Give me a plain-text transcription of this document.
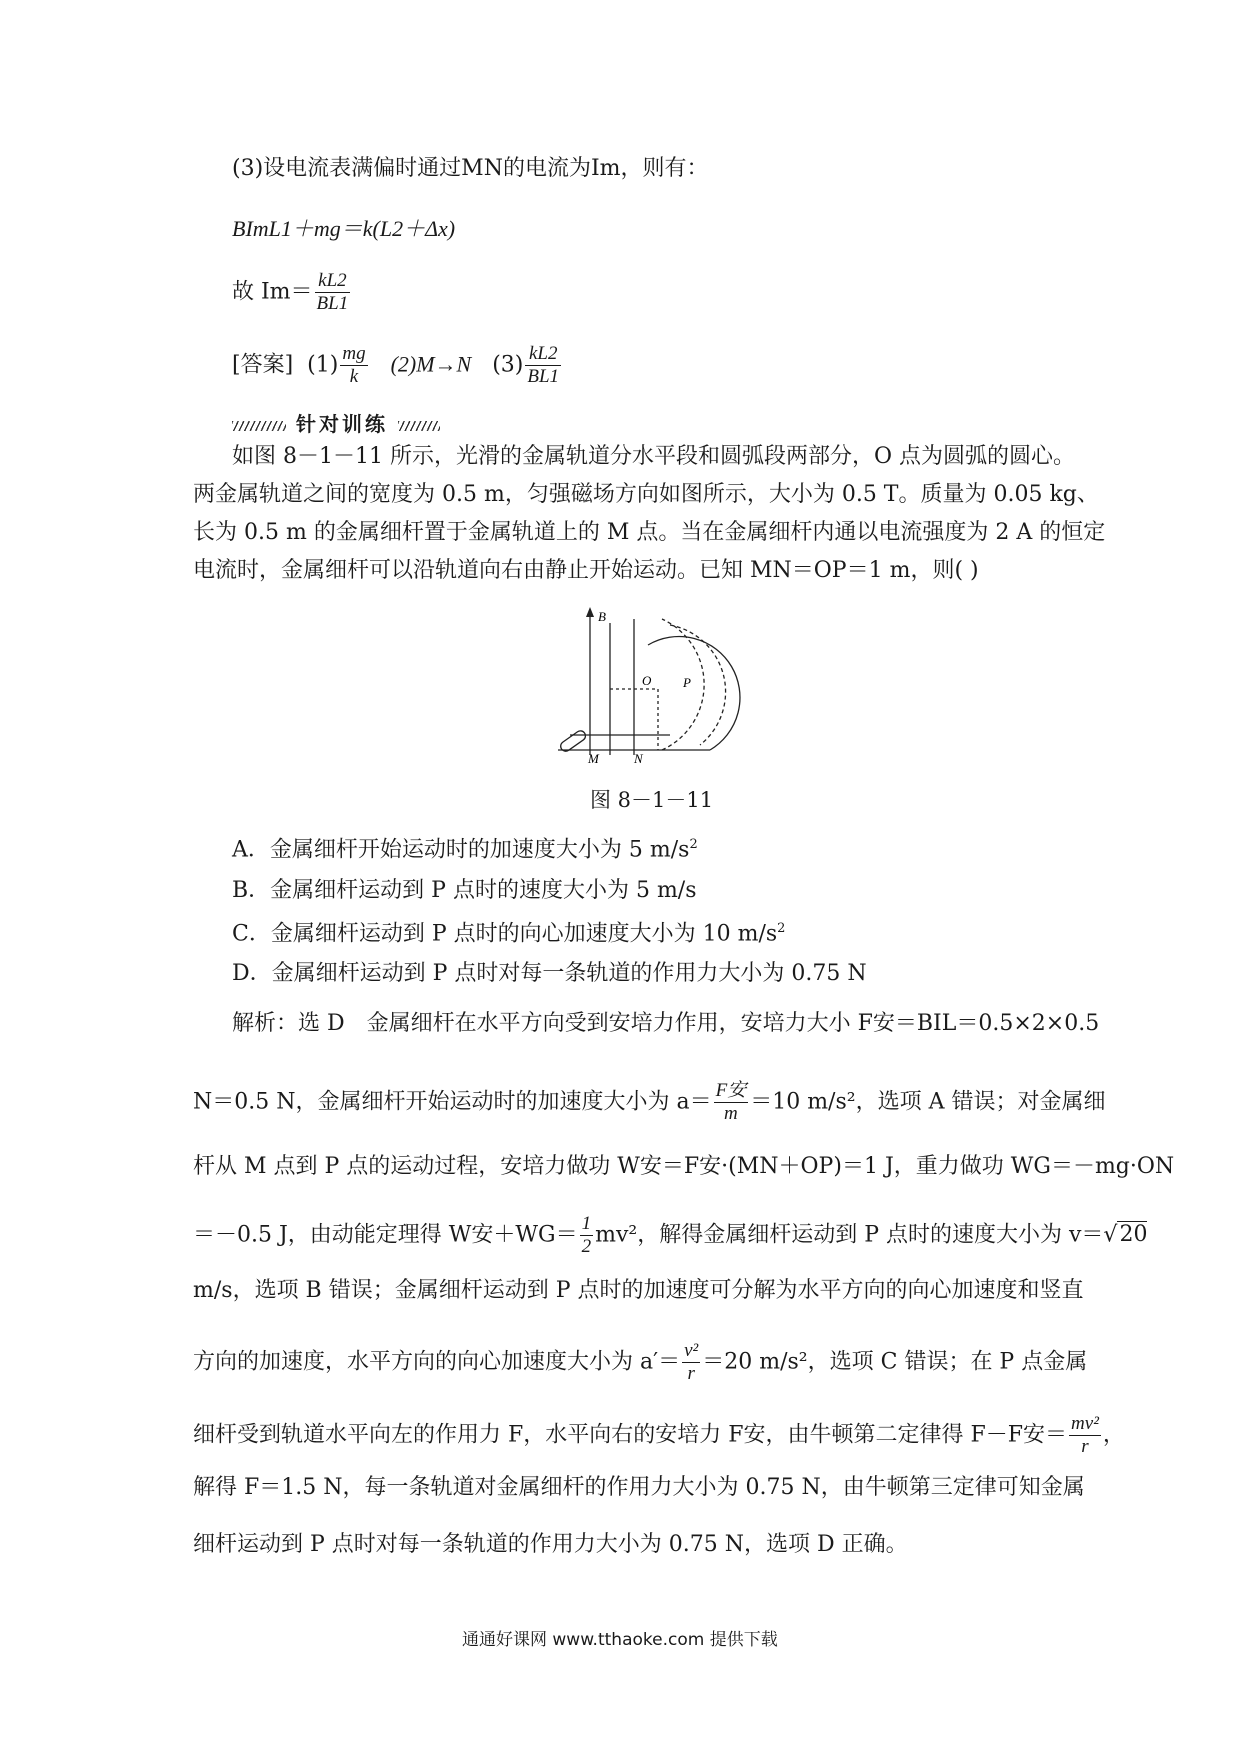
(3)设电流表满偏时通过MN的电流为Im，则有：
BImL1＋mg＝k(L2＋Δx)
故 $Im= \frac{kL2}{BL1}$
[答案] $(1) \frac{mg}{k} (2)M\to N$ $(3) \frac{kL2}{BL1}$
针对训练
如图 8－1－11 所示，光滑的金属轨道分水平段和圆弧段两部分，O 点为圆弧的圆心。
两金属轨道之间的宽度为 0.5 m，匀强磁场方向如图所示，大小为 0.5 T。质量为 0.05 kg、
长为 0.5 m 的金属细杆置于金属轨道上的 M 点。当在金属细杆内通以电流强度为 2 A 的恒定
电流时，金属细杆可以沿轨道向右由静止开始运动。已知 MN＝OP＝1 m，则( )
B
O P
M	N
图 8－1－11
A．金属细杆开始运动时的加速度大小为 5 $m/s^2$
B．金属细杆运动到 P 点时的速度大小为 5 m/s
C．金属细杆运动到 P 点时的向心加速度大小为 10 $m/s^2$
D．金属细杆运动到 P 点时对每一条轨道的作用力大小为 0.75 N
解析：选 D　金属细杆在水平方向受到安培力作用，安培力大小 F安＝BIL＝0.5×2×0.5
N＝0.5 N，金属细杆开始运动时的加速度大小为 $a= \frac{\text{F安}}{m} =10$ m/s²，选项 A 错误；对金属细
杆从 M 点到 P 点的运动过程，安培力做功 W安＝F安·(MN＋OP)＝1 J，重力做功 WG＝－mg·ON
＝－0.5 J，由动能定理得 W安$+WG= \frac{1}{2} mv^2$，解得金属细杆运动到 P 点时的速度大小为 v＝√20
m/s，选项 B 错误；金属细杆运动到 P 点时的加速度可分解为水平方向的向心加速度和竖直
方向的加速度，水平方向的向心加速度大小为 $a'= \frac{\text{v²}}{r} =20$ m/s²，选项 C 错误；在 P 点金属
细杆受到轨道水平向左的作用力 F，水平向右的安培力 F安，由牛顿第二定律得 F－F安＝ $\frac{\text{mv²}}{r}$ ，
解得 F＝1.5 N，每一条轨道对金属细杆的作用力大小为 0.75 N，由牛顿第三定律可知金属
细杆运动到 P 点时对每一条轨道的作用力大小为 0.75 N，选项 D 正确。
通通好课网 www.tthaoke.com 提供下载
